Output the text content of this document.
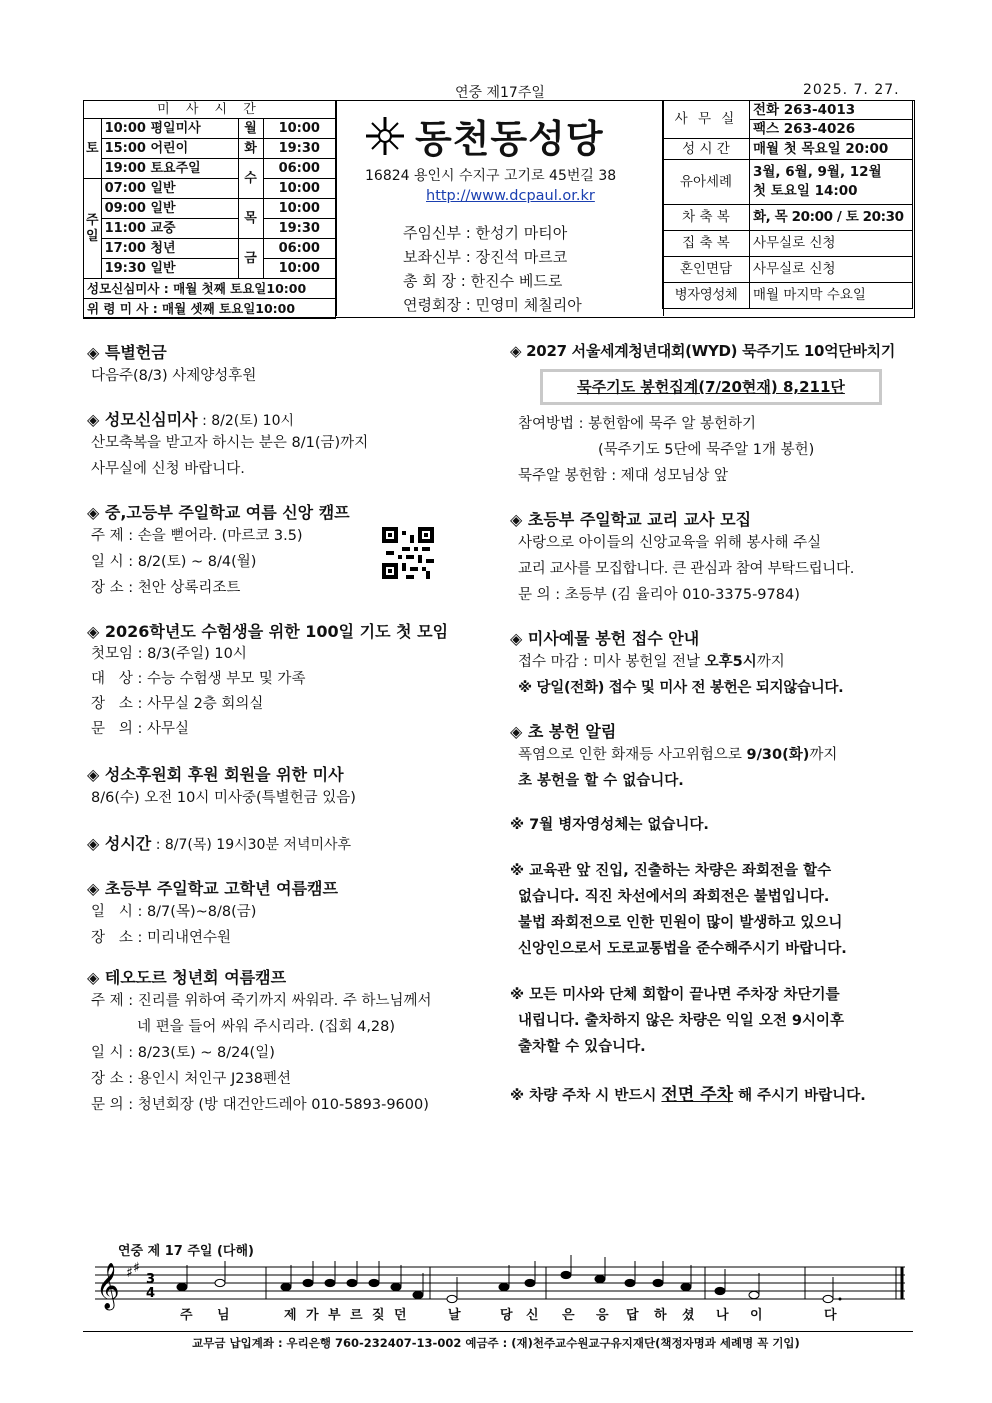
연중 제17주일	2025. 7. 27.
미 사 시 간			
토	10:00 평일미사	월	10:00
	15:00 어린이	화	19:30
	19:00 토요주일	수	06:00
주일	07:00 일반		10:00
	09:00 일반	목	10:00
	11:00 교중		19:30
	17:00 청년	금	06:00
	19:30 일반		10:00
성모신심미사 : 매월 첫째 토요일10:00			
위 령 미 사 : 매월 셋째 토요일10:00			
동천동성당
16824 용인시 수지구 고기로 45번길 38
http://www.dcpaul.or.kr
주임신부 : 한성기 마티아
보좌신부 : 장진석 마르코
총 회 장 : 한진수 베드로
연령회장 : 민영미 체칠리아
사 무 실	전화 263-4013
	팩스 263-4026
성 시 간	매월 첫 목요일 20:00
유아세례	3월, 6월, 9월, 12월
첫 토요일 14:00
차 축 복	화, 목 20:00 / 토 20:30
집 축 복	사무실로 신청
혼인면담	사무실로 신청
병자영성체	매월 마지막 수요일
◈ 특별헌금
다음주(8/3) 사제양성후원
◈ 성모신심미사 : 8/2(토) 10시
산모축복을 받고자 하시는 분은 8/1(금)까지
사무실에 신청 바랍니다.
◈ 중,고등부 주일학교 여름 신앙 캠프
주 제 : 손을 뻗어라. (마르코 3.5)
일 시 : 8/2(토) ~ 8/4(월)
장 소 : 천안 상록리조트
◈ 2026학년도 수험생을 위한 100일 기도 첫 모임
첫모임 : 8/3(주일) 10시
대   상 : 수능 수험생 부모 및 가족
장   소 : 사무실 2층 회의실
문   의 : 사무실
◈ 성소후원회 후원 회원을 위한 미사
8/6(수) 오전 10시 미사중(특별헌금 있음)
◈ 성시간 : 8/7(목) 19시30분 저녁미사후
◈ 초등부 주일학교 고학년 여름캠프
일   시 : 8/7(목)~8/8(금)
장   소 : 미리내연수원
◈ 테오도르 청년회 여름캠프
주 제 : 진리를 위하여 죽기까지 싸워라. 주 하느님께서
네 편을 들어 싸워 주시리라. (집회 4,28)
일 시 : 8/23(토) ~ 8/24(일)
장 소 : 용인시 처인구 J238펜션
문 의 : 청년회장 (방 대건안드레아 010-5893-9600)
◈ 2027 서울세계청년대회(WYD) 묵주기도 10억단바치기
묵주기도 봉헌집계(7/20현재) 8,211단
참여방법 : 봉헌함에 묵주 알 봉헌하기
(묵주기도 5단에 묵주알 1개 봉헌)
묵주알 봉헌함 : 제대 성모님상 앞
◈ 초등부 주일학교 교리 교사 모집
사랑으로 아이들의 신앙교육을 위해 봉사해 주실
교리 교사를 모집합니다. 큰 관심과 참여 부탁드립니다.
문 의 : 초등부 (김 율리아 010-3375-9784)
◈ 미사예물 봉헌 접수 안내
접수 마감 : 미사 봉헌일 전날 오후5시까지
※ 당일(전화) 접수 및 미사 전 봉헌은 되지않습니다.
◈ 초 봉헌 알림
폭염으로 인한 화재등 사고위험으로 9/30(화)까지
초 봉헌을 할 수 없습니다.
※ 7월 병자영성체는 없습니다.
※ 교육관 앞 진입, 진출하는 차량은 좌회전을 할수
없습니다. 직진 차선에서의 좌회전은 불법입니다.
불법 좌회전으로 인한 민원이 많이 발생하고 있으니
신앙인으로서 도로교통법을 준수해주시기 바랍니다.
※ 모든 미사와 단체 회합이 끝나면 주차장 차단기를
내립니다. 출차하지 않은 차량은 익일 오전 9시이후
출차할 수 있습니다.
※ 차량 주차 시 반드시 전면 주차 해 주시기 바랍니다.
연중 제 17 주일 (다해)
𝄞 ♯ ♯
3
4
주 님	제 가 부 르 짖 던	날	당 신 은 응 답 하 셨 나 이	다
교무금 납입계좌 : 우리은행 760-232407-13-002 예금주 : (재)천주교수원교구유지재단(책정자명과 세례명 꼭 기입)
